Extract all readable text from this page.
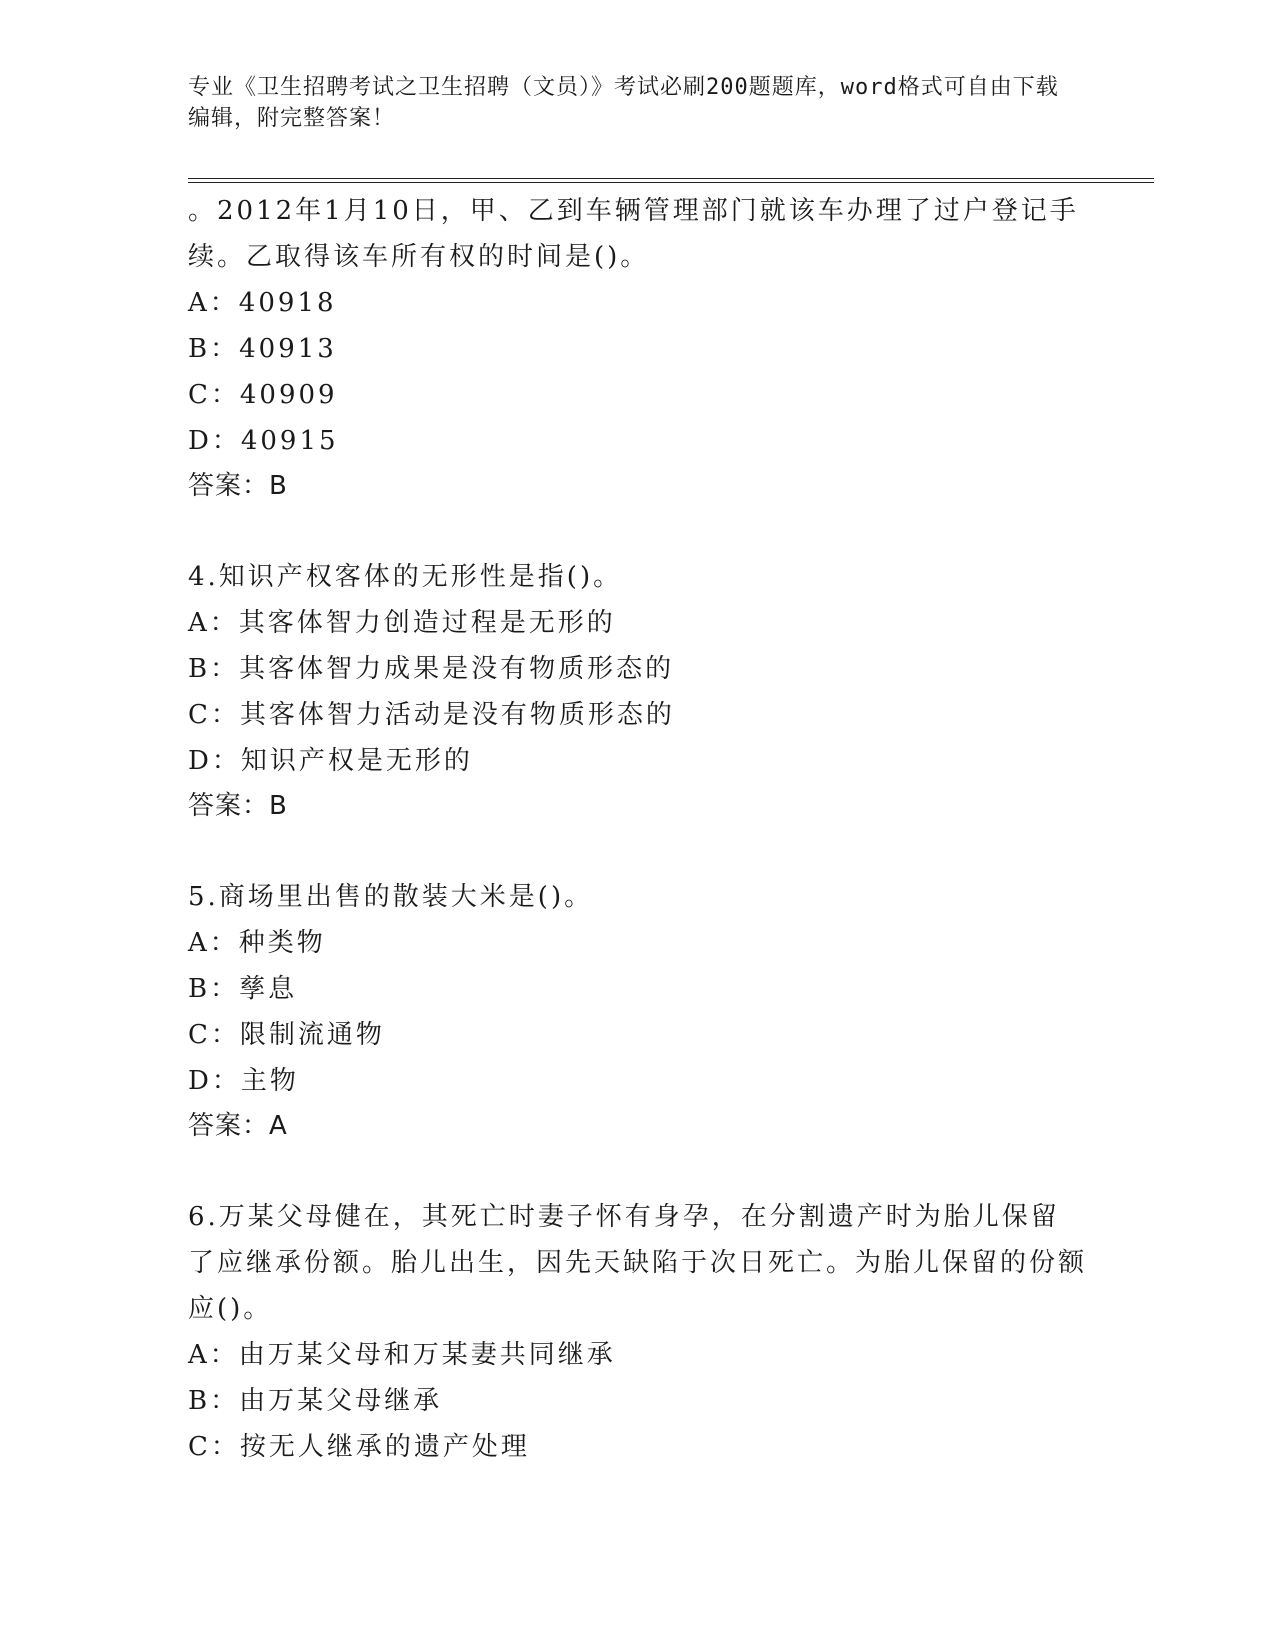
专业《卫生招聘考试之卫生招聘（文员）》考试必刷200题题库，word格式可自由下载编辑，附完整答案！

。2012年1月10日，甲、乙到车辆管理部门就该车办理了过户登记手续。乙取得该车所有权的时间是()。

A：40918

B：40913

C：40909

D：40915

答案：B

4.知识产权客体的无形性是指()。

A：其客体智力创造过程是无形的

B：其客体智力成果是没有物质形态的

C：其客体智力活动是没有物质形态的

D：知识产权是无形的

答案：B

5.商场里出售的散装大米是()。

A：种类物

B：孳息

C：限制流通物

D：主物

答案：A

6.万某父母健在，其死亡时妻子怀有身孕，在分割遗产时为胎儿保留了应继承份额。胎儿出生，因先天缺陷于次日死亡。为胎儿保留的份额应()。

A：由万某父母和万某妻共同继承

B：由万某父母继承

C：按无人继承的遗产处理
